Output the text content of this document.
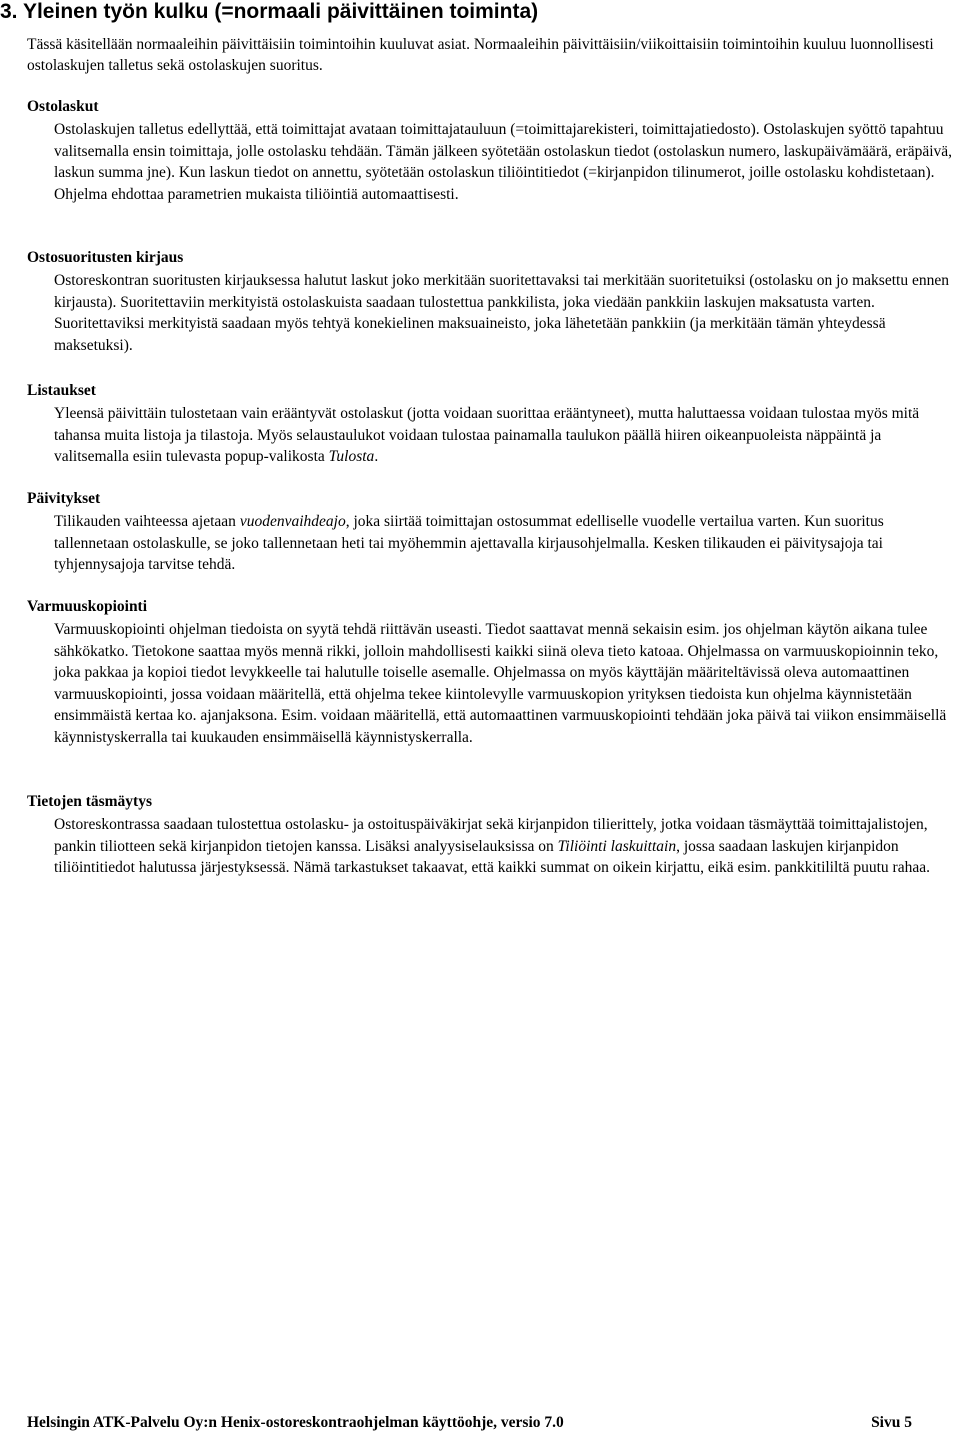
3. Yleinen työn kulku (=normaali päivittäinen toiminta)

Tässä käsitellään normaaleihin päivittäisiin toimintoihin kuuluvat asiat. Normaaleihin päivittäisiin/viikoittaisiin toimintoihin kuuluu luonnollisesti ostolaskujen talletus sekä ostolaskujen suoritus.

Ostolaskut

Ostolaskujen talletus edellyttää, että toimittajat avataan toimittajatauluun (=toimittajarekisteri, toimittajatiedosto). Ostolaskujen syöttö tapahtuu valitsemalla ensin toimittaja, jolle ostolasku tehdään. Tämän jälkeen syötetään ostolaskun tiedot (ostolaskun numero, laskupäivämäärä, eräpäivä, laskun summa jne). Kun laskun tiedot on annettu, syötetään ostolaskun tiliöintitiedot (=kirjanpidon tilinumerot, joille ostolasku kohdistetaan). Ohjelma ehdottaa parametrien mukaista tiliöintiä automaattisesti.

Ostosuoritusten kirjaus

Ostoreskontran suoritusten kirjauksessa halutut laskut joko merkitään suoritettavaksi tai merkitään suoritetuiksi (ostolasku on jo maksettu ennen kirjausta). Suoritettaviin merkityistä ostolaskuista saadaan tulostettua pankkilista, joka viedään pankkiin laskujen maksatusta varten. Suoritettaviksi merkityistä saadaan myös tehtyä konekielinen maksuaineisto, joka lähetetään pankkiin (ja merkitään tämän yhteydessä maksetuksi).

Listaukset

Yleensä päivittäin tulostetaan vain erääntyvät ostolaskut (jotta voidaan suorittaa erääntyneet), mutta haluttaessa voidaan tulostaa myös mitä tahansa muita listoja ja tilastoja. Myös selaustaulukot voidaan tulostaa painamalla taulukon päällä hiiren oikeanpuoleista näppäintä ja valitsemalla esiin tulevasta popup-valikosta Tulosta.

Päivitykset

Tilikauden vaihteessa ajetaan vuodenvaihdeajo, joka siirtää toimittajan ostosummat edelliselle vuodelle vertailua varten. Kun suoritus tallennetaan ostolaskulle, se joko tallennetaan heti tai myöhemmin ajettavalla kirjausohjelmalla. Kesken tilikauden ei päivitysajoja tai tyhjennysajoja tarvitse tehdä.

Varmuuskopiointi

Varmuuskopiointi ohjelman tiedoista on syytä tehdä riittävän useasti. Tiedot saattavat mennä sekaisin esim. jos ohjelman käytön aikana tulee sähkökatko. Tietokone saattaa myös mennä rikki, jolloin mahdollisesti kaikki siinä oleva tieto katoaa. Ohjelmassa on varmuuskopioinnin teko, joka pakkaa ja kopioi tiedot levykkeelle tai halutulle toiselle asemalle. Ohjelmassa on myös käyttäjän määriteltävissä oleva automaattinen varmuuskopiointi, jossa voidaan määritellä, että ohjelma tekee kiintolevylle varmuuskopion yrityksen tiedoista kun ohjelma käynnistetään ensimmäistä kertaa ko. ajanjaksona. Esim. voidaan määritellä, että automaattinen varmuuskopiointi tehdään joka päivä tai viikon ensimmäisellä käynnistyskerralla tai kuukauden ensimmäisellä käynnistyskerralla.

Tietojen täsmäytys

Ostoreskontrassa saadaan tulostettua ostolasku- ja ostoituspäiväkirjat sekä kirjanpidon tilierittely, jotka voidaan täsmäyttää toimittajalistojen, pankin tiliotteen sekä kirjanpidon tietojen kanssa. Lisäksi analyysiselauksissa on Tiliöinti laskuittain, jossa saadaan laskujen kirjanpidon tiliöintitiedot halutussa järjestyksessä. Nämä tarkastukset takaavat, että kaikki summat on oikein kirjattu, eikä esim. pankkitililtä puutu rahaa.

Helsingin ATK-Palvelu Oy:n Henix-ostoreskontraohjelman käyttöohje, versio 7.0	Sivu 5
